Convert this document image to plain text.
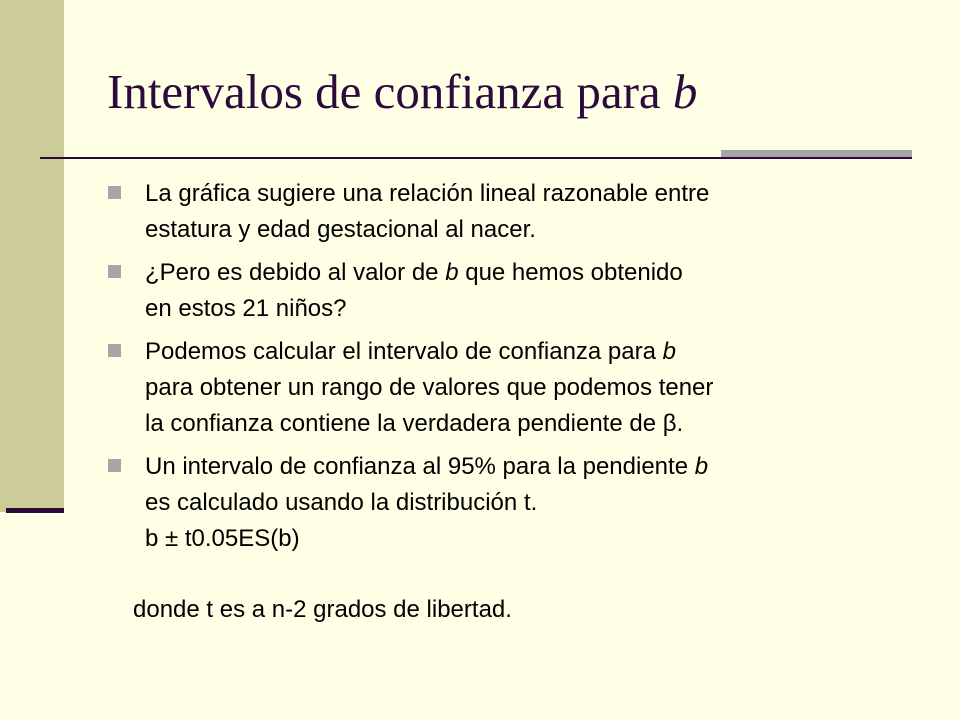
Intervalos de confianza para b
La gráfica sugiere una relación lineal razonable entre
estatura y edad gestacional al nacer.
¿Pero es debido al valor de b que hemos obtenido
en estos 21 niños?
Podemos calcular el intervalo de confianza para b
para obtener un rango de valores que podemos tener
la confianza contiene la verdadera pendiente de β.
Un intervalo de confianza al 95% para la pendiente b
es calculado usando la distribución t.
b ± t0.05ES(b)

donde t es a n-2 grados de libertad.
